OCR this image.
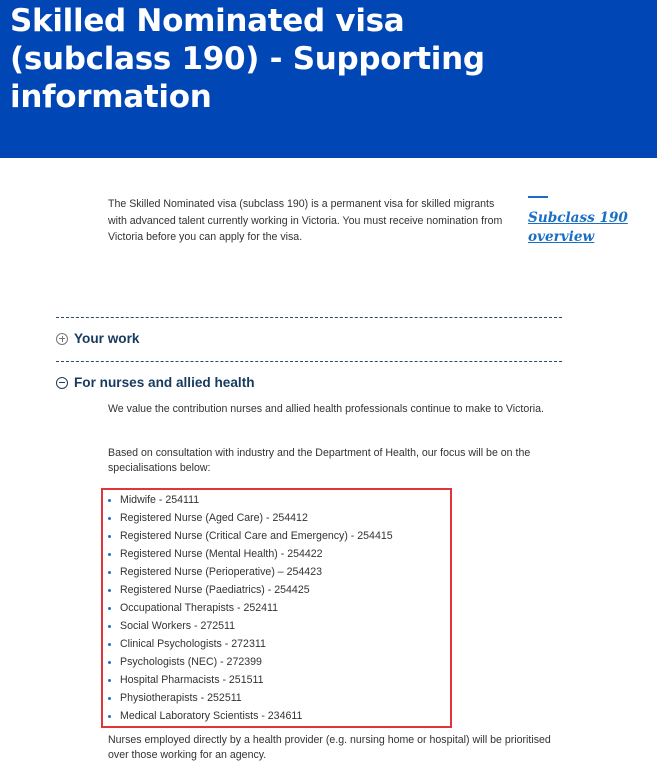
Skilled Nominated visa (subclass 190) - Supporting information

The Skilled Nominated visa (subclass 190) is a permanent visa for skilled migrants with advanced talent currently working in Victoria. You must receive nomination from Victoria before you can apply for the visa.

Subclass 190 overview
Your work
For nurses and allied health

We value the contribution nurses and allied health professionals continue to make to Victoria.

Based on consultation with industry and the Department of Health, our focus will be on the specialisations below:

Midwife - 254111
Registered Nurse (Aged Care) - 254412
Registered Nurse (Critical Care and Emergency) - 254415
Registered Nurse (Mental Health) - 254422
Registered Nurse (Perioperative) – 254423
Registered Nurse (Paediatrics) - 254425
Occupational Therapists - 252411
Social Workers - 272511
Clinical Psychologists - 272311
Psychologists (NEC) - 272399
Hospital Pharmacists - 251511
Physiotherapists - 252511
Medical Laboratory Scientists - 234611

Nurses employed directly by a health provider (e.g. nursing home or hospital) will be prioritised over those working for an agency.
